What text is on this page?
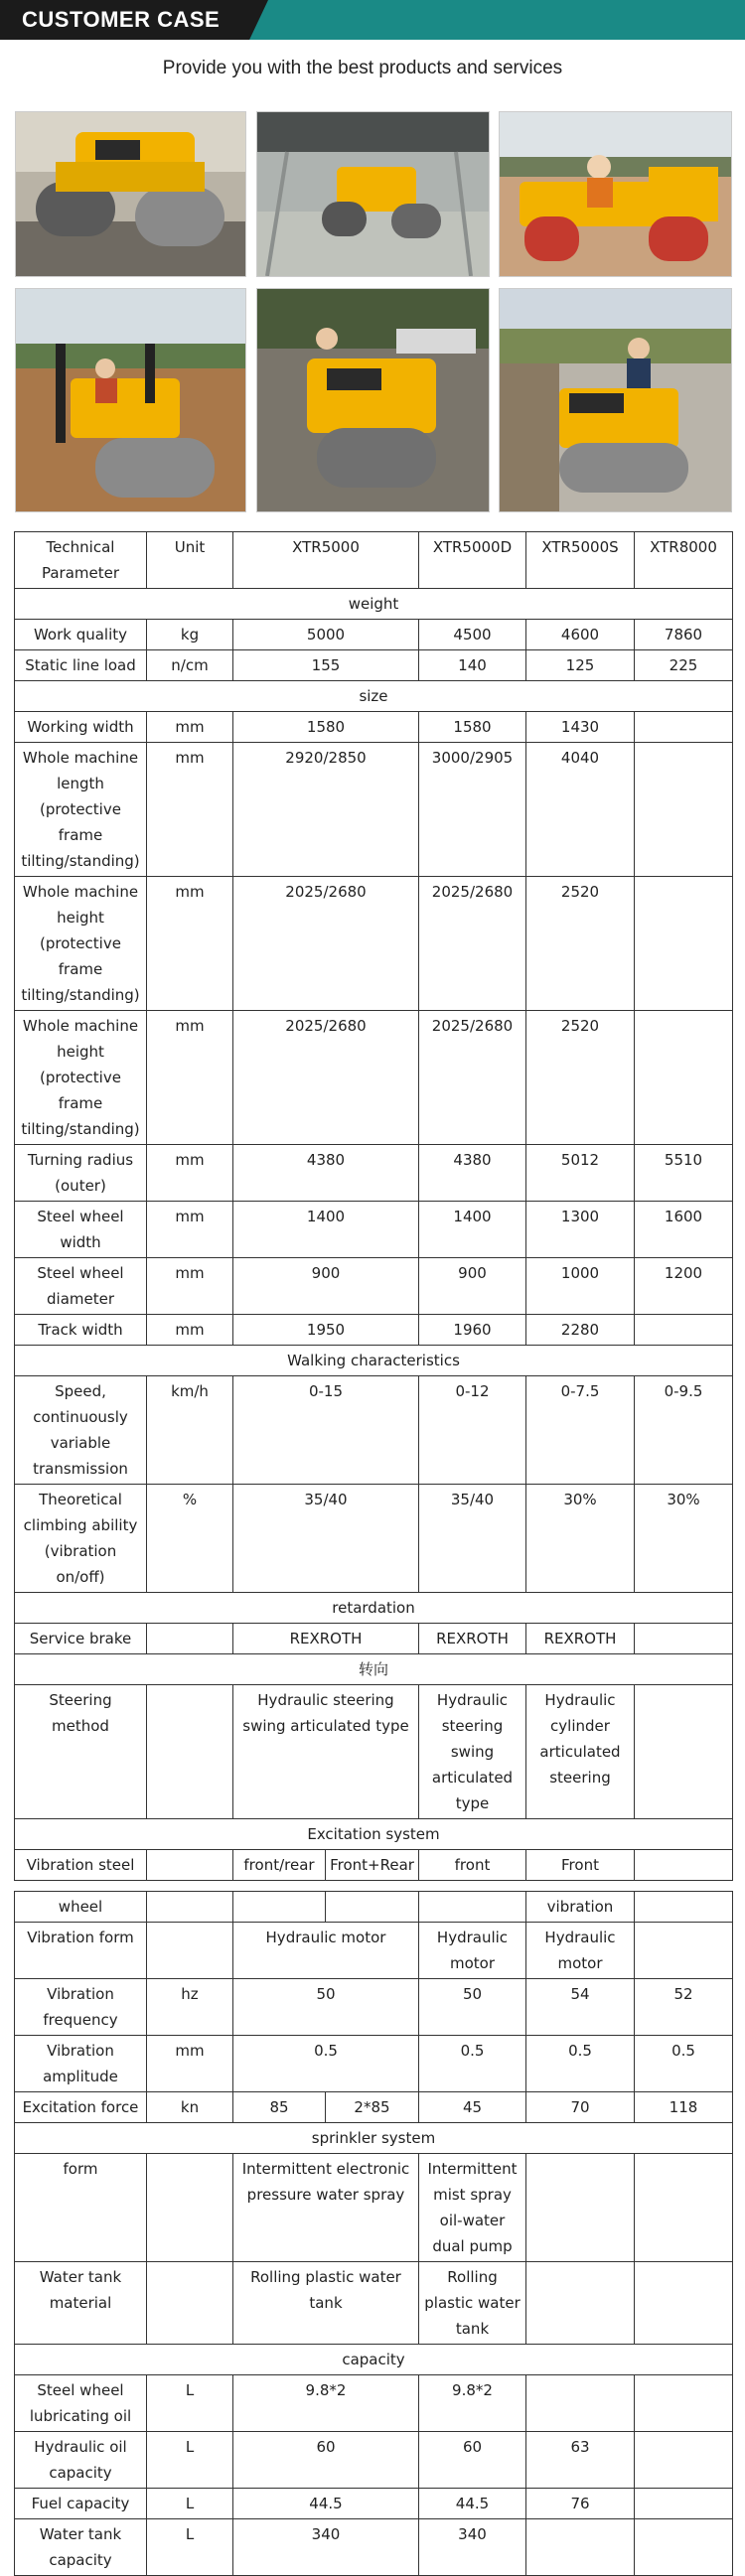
CUSTOMER CASE
Provide you with the best products and services
Technical Parameter	Unit	XTR5000		XTR5000D	XTR5000S	XTR8000
weight						
Work quality	kg	5000		4500	4600	7860
Static line load	n/cm	155		140	125	225
size						
Working width	mm	1580		1580	1430	
Whole machine length (protective frame tilting/standing)	mm	2920/2850		3000/2905	4040	
Whole machine height (protective frame tilting/standing)	mm	2025/2680		2025/2680	2520	
Whole machine height (protective frame tilting/standing)	mm	2025/2680		2025/2680	2520	
Turning radius (outer)	mm	4380		4380	5012	5510
Steel wheel width	mm	1400		1400	1300	1600
Steel wheel diameter	mm	900		900	1000	1200
Track width	mm	1950		1960	2280	
Walking characteristics						
Speed, continuously variable transmission	km/h	0-15		0-12	0-7.5	0-9.5
Theoretical climbing ability (vibration on/off)	%	35/40		35/40	30%	30%
retardation						
Service brake		REXROTH		REXROTH	REXROTH	
转向						
Steering method		Hydraulic steering swing articulated type		Hydraulic steering swing articulated type	Hydraulic cylinder articulated steering	
Excitation system						
Vibration steel		front/rear	Front+Rear	front	Front	

wheel					vibration	
Vibration form		Hydraulic motor		Hydraulic motor	Hydraulic motor	
Vibration frequency	hz	50		50	54	52
Vibration amplitude	mm	0.5		0.5	0.5	0.5
Excitation force	kn	85	2*85	45	70	118
sprinkler system						
form		Intermittent electronic pressure water spray		Intermittent mist spray oil-water dual pump		
Water tank material		Rolling plastic water tank		Rolling plastic water tank		
capacity						
Steel wheel lubricating oil	L	9.8*2		9.8*2		
Hydraulic oil capacity	L	60		60	63	
Fuel capacity	L	44.5		44.5	76	
Water tank capacity	L	340		340		
